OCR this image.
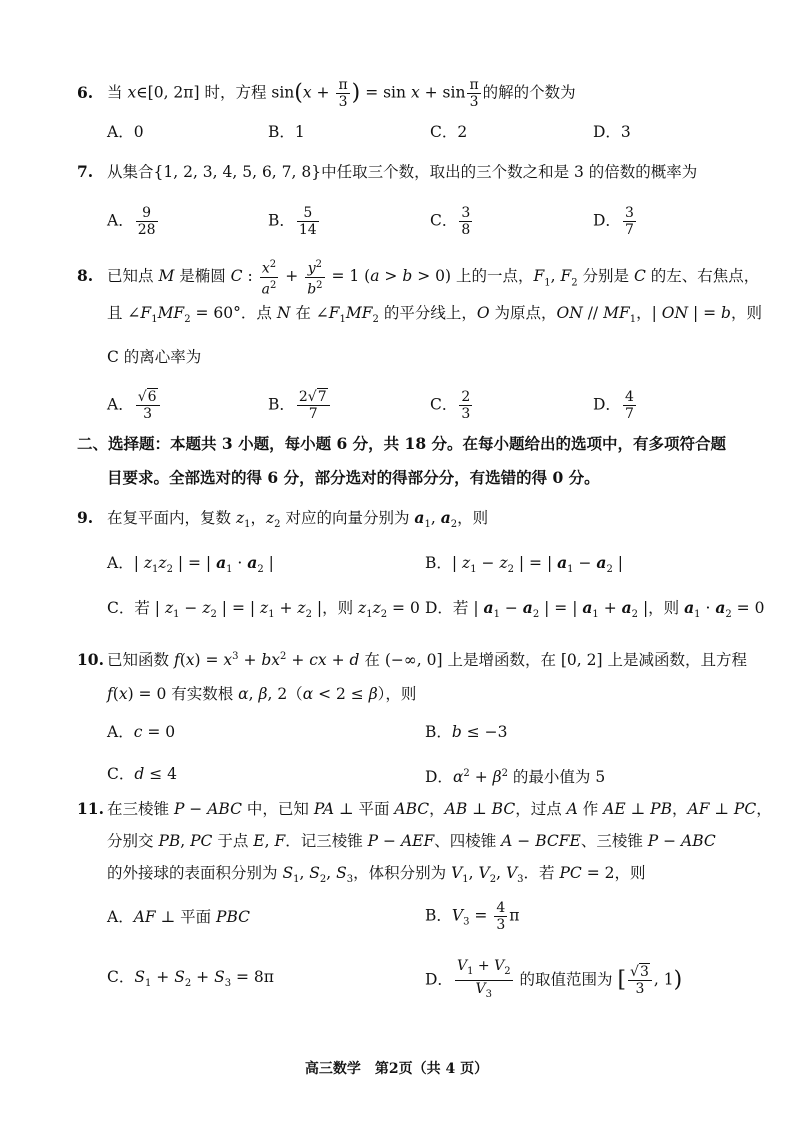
6. 当 x∈[0, 2π] 时，方程 $\sin(x + \frac{\pi}{3}$ ) = $\sin x + \sin \frac{\pi}{3}$ 的解的个数为
A．0	B．1	C．2	D．3
7. 从集合{1, 2, 3, 4, 5, 6, 7, 8}中任取三个数，取出的三个数之和是 3 的倍数的概率为
A． $\frac{9}{28}$	B． $\frac{5}{14}$	C． $\frac{3}{8}$	D． $\frac{3}{7}$
8. 已知点 M 是椭圆 C : $\frac{x^2}{a^2} + \frac{y^2}{b^2} = 1$ (a > b > 0) 上的一点，$F_1$, $F_2$ 分别是 C 的左、右焦点，
且 $\angle F_1MF_2 = 60^\circ$．点 N 在 $\angle F_1MF_2$ 的平分线上，O 为原点，ON // $MF_1$，| ON | = b，则
C 的离心率为
A． $\frac{√6}{3}$	B． $\frac{2√7}{7}$	C． $\frac{2}{3}$	D． $\frac{4}{7}$
二、选择题：本题共 3 小题，每小题 6 分，共 18 分。在每小题给出的选项中，有多项符合题
目要求。全部选对的得 6 分，部分选对的得部分分，有选错的得 0 分。
9. 在复平面内，复数 $z_1$，$z_2$ 对应的向量分别为 $a_1$, $a_2$，则
A．| $z_1z_2$ | = | $a_1 \cdot a_2$ |	B．| $z_1 - z_2$ | = | $a_1 - a_2$ |
C．若 | $z_1 - z_2$ | = | $z_1 + z_2$ |，则 $z_1z_2 = 0$ D．若 | $a_1 - a_2$ | = | $a_1 + a_2$ |，则 $a_1 \cdot a_2 = 0$
10. 已知函数 $f(x) = x^3 + bx^2$ + cx + d 在 (−∞, 0] 上是增函数，在 [0, 2] 上是减函数，且方程
f(x) = 0 有实数根 α, β, 2（α < 2 ≤ β），则
A．c = 0	B．b ≤ −3
C．d ≤ 4	D．$\alpha^2 + \beta^2$ 的最小值为 5
11. 在三棱锥 P − ABC 中，已知 PA ⊥ 平面 ABC，AB ⊥ BC，过点 A 作 AE ⊥ PB，AF ⊥ PC，
分别交 PB, PC 于点 E, F．记三棱锥 P − AEF、四棱锥 A − BCFE、三棱锥 P − ABC
的外接球的表面积分别为 $S_1$, $S_2$, $S_3$，体积分别为 $V_1$, $V_2$, $V_3$．若 PC = 2，则
A．AF ⊥ 平面 PBC	B．$V_3 = \frac{4}{3}$ π
C．$S_1 + S_2 + S_3 = 8\pi$	D． $\frac{V_1 + V_2}{V_3}$ 的取值范围为 [ $\frac{√3}{3}$ , 1)
高三数学　第2页（共 4 页）
